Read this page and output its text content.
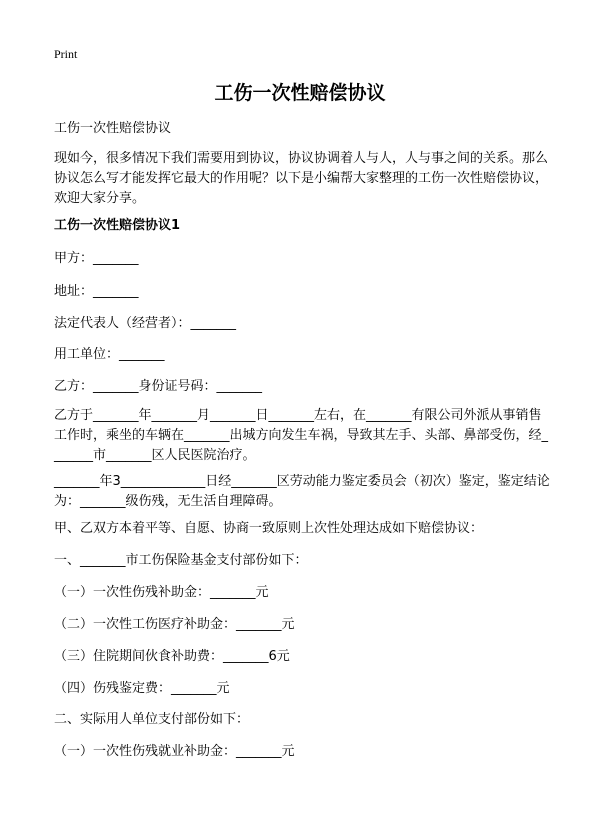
Print
工伤一次性赔偿协议
工伤一次性赔偿协议
现如今，很多情况下我们需要用到协议，协议协调着人与人，人与事之间的关系。那么协议怎么写才能发挥它最大的作用呢？以下是小编帮大家整理的工伤一次性赔偿协议，欢迎大家分享。
工伤一次性赔偿协议1
甲方：_______
地址：_______
法定代表人（经营者）：_______
用工单位：_______
乙方：_______身份证号码：_______
乙方于_______年_______月_______日_______左右，在_______有限公司外派从事销售工作时，乘坐的车辆在_______出城方向发生车祸，导致其左手、头部、鼻部受伤，经_______市_______区人民医院治疗。
_______年3_____________日经_______区劳动能力鉴定委员会（初次）鉴定，鉴定结论为：_______级伤残，无生活自理障碍。
甲、乙双方本着平等、自愿、协商一致原则上次性处理达成如下赔偿协议：
一、_______市工伤保险基金支付部份如下：
（一）一次性伤残补助金：_______元
（二）一次性工伤医疗补助金：_______元
（三）住院期间伙食补助费：_______6元
（四）伤残鉴定费：_______元
二、实际用人单位支付部份如下：
（一）一次性伤残就业补助金：_______元
